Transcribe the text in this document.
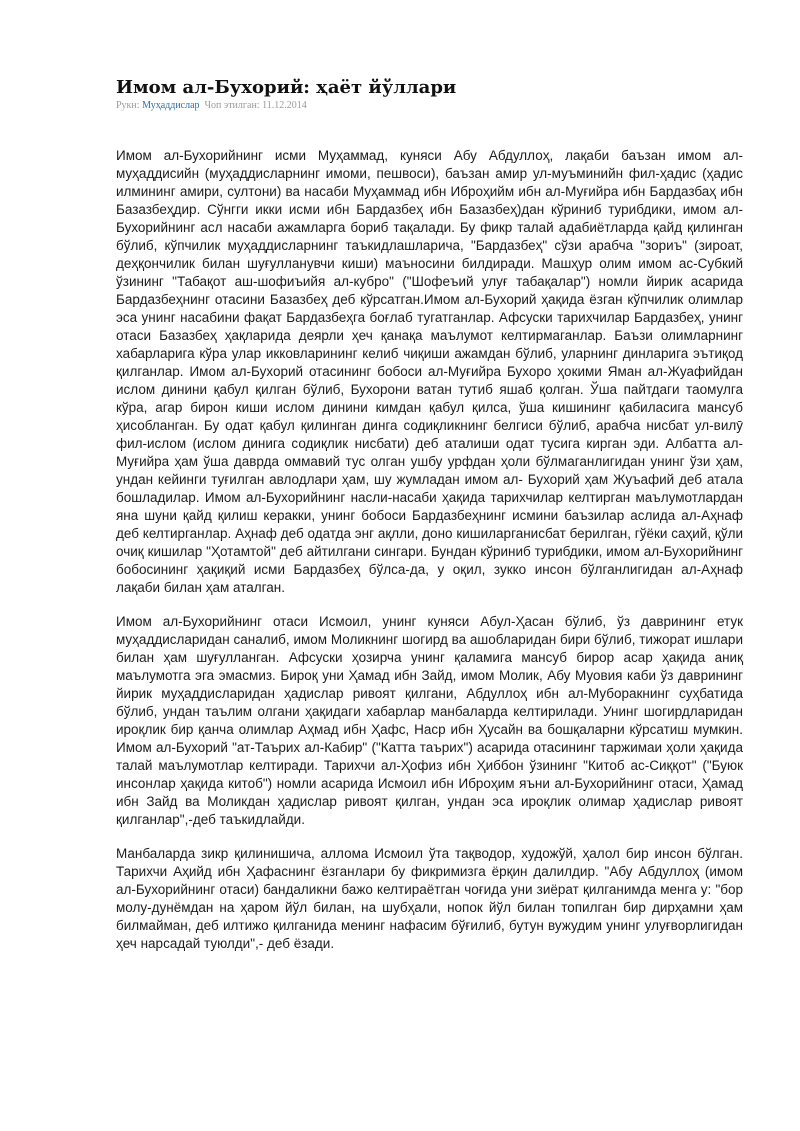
Имом ал-Бухорий: ҳаёт йўллари
Рукн: Муҳаддислар Чоп этилган: 11.12.2014

Имом ал-Бухорийнинг исми Муҳаммад, куняси Абу Абдуллоҳ, лақаби баъзан имом ал-муҳаддисийн (муҳаддисларнинг имоми, пешвоси), баъзан амир ул-муъминийн фил-ҳадис (ҳадис илмининг амири, султони) ва насаби Муҳаммад ибн Иброҳийм ибн ал-Муғийра ибн Бардазбаҳ ибн Базазбеҳдир. Сўнгги икки исми ибн Бардазбеҳ ибн Базазбеҳ)дан кўриниб турибдики, имом ал-Бухорийнинг асл насаби ажамларга бориб тақалади. Бу фикр талай адабиётларда қайд қилинган бўлиб, кўпчилик муҳаддисларнинг таъкидлашларича, "Бардазбеҳ" сўзи арабча "зориъ" (зироат, деҳқончилик билан шуғулланувчи киши) маъносини билдиради. Машҳур олим имом ас-Субкий ўзининг "Табақот аш-шофиъийя ал-кубро" ("Шофеъий улуғ табақалар") номли йирик асарида Бардазбеҳнинг отасини Базазбеҳ деб кўрсатган.Имом ал-Бухорий ҳақида ёзган кўпчилик олимлар эса унинг насабини фақат Бардазбеҳга боғлаб тугатганлар. Афсуски тарихчилар Бардазбеҳ, унинг отаси Базазбеҳ ҳақларида деярли ҳеч қанақа маълумот келтирмаганлар. Баъзи олимларнинг хабарларига кўра улар икковларининг келиб чиқиши ажамдан бўлиб, уларнинг динларига эътиқод қилганлар. Имом ал-Бухорий отасининг бобоси ал-Муғийра Бухоро ҳокими Яман ал-Жуафийдан ислом динини қабул қилган бўлиб, Бухорони ватан тутиб яшаб қолган. Ўша пайтдаги таомулга кўра, агар бирон киши ислом динини кимдан қабул қилса, ўша кишининг қабиласига мансуб ҳисобланган. Бу одат қабул қилинган динга содиқликнинг белгиси бўлиб, арабча нисбат ул-вилӯ фил-ислом (ислом динига содиқлик нисбати) деб аталиши одат тусига кирган эди. Албатта ал-Муғийра ҳам ўша даврда оммавий тус олган ушбу урфдан ҳоли бўлмаганлигидан унинг ўзи ҳам, ундан кейинги туғилган авлодлари ҳам, шу жумладан имом ал- Бухорий ҳам Жуъафий деб атала бошладилар. Имом ал-Бухорийнинг насли-насаби ҳақида тарихчилар келтирган маълумотлардан яна шуни қайд қилиш керакки, унинг бобоси Бардазбеҳнинг исмини баъзилар аслида ал-Аҳнаф деб келтирганлар. Аҳнаф деб одатда энг ақлли, доно кишиларганисбат берилган, гўёки саҳий, қўли очиқ кишилар "Ҳотамтой" деб айтилгани сингари. Бундан кўриниб турибдики, имом ал-Бухорийнинг бобосининг ҳақиқий исми Бардазбеҳ бўлса-да, у оқил, зукко инсон бўлганлигидан ал-Аҳнаф лақаби билан ҳам аталган.

Имом ал-Бухорийнинг отаси Исмоил, унинг куняси Абул-Ҳасан бўлиб, ўз даврининг етук муҳаддисларидан саналиб, имом Моликнинг шогирд ва ашобларидан бири бўлиб, тижорат ишлари билан ҳам шуғулланган. Афсуски ҳозирча унинг қаламига мансуб бирор асар ҳақида аниқ маълумотга эга эмасмиз. Бироқ уни Ҳамад ибн Зайд, имом Молик, Абу Муовия каби ўз даврининг йирик муҳаддисларидан ҳадислар ривоят қилгани, Абдуллоҳ ибн ал-Муборакнинг суҳбатида бўлиб, ундан таълим олгани ҳақидаги хабарлар манбаларда келтирилади. Унинг шогирдларидан ироқлик бир қанча олимлар Аҳмад ибн Ҳафс, Наср ибн Ҳусайн ва бошқаларни кўрсатиш мумкин. Имом ал-Бухорий "ат-Таърих ал-Кабир" ("Катта таърих") асарида отасининг таржимаи ҳоли ҳақида талай маълумотлар келтиради. Тарихчи ал-Ҳофиз ибн Ҳиббон ўзининг "Китоб ас-Сиққот" ("Буюк инсонлар ҳақида китоб") номли асарида Исмоил ибн Иброҳим яъни ал-Бухорийнинг отаси, Ҳамад ибн Зайд ва Моликдан ҳадислар ривоят қилган, ундан эса ироқлик олимар ҳадислар ривоят қилганлар",-деб таъкидлайди.

Манбаларда зикр қилинишича, аллома Исмоил ўта тақводор, художўй, ҳалол бир инсон бўлган. Тарихчи Аҳийд ибн Ҳафаснинг ёзганлари бу фикримизга ёрқин далилдир. "Абу Абдуллоҳ (имом ал-Бухорийнинг отаси) бандаликни бажо келтираётган чоғида уни зиёрат қилганимда менга у: "бор молу-дунёмдан на ҳаром йўл билан, на шубҳали, нопок йўл билан топилган бир дирҳамни ҳам билмайман, деб илтижо қилганида менинг нафасим бўғилиб, бутун вужудим унинг улуғворлигидан ҳеч нарсадай туюлди",- деб ёзади.
